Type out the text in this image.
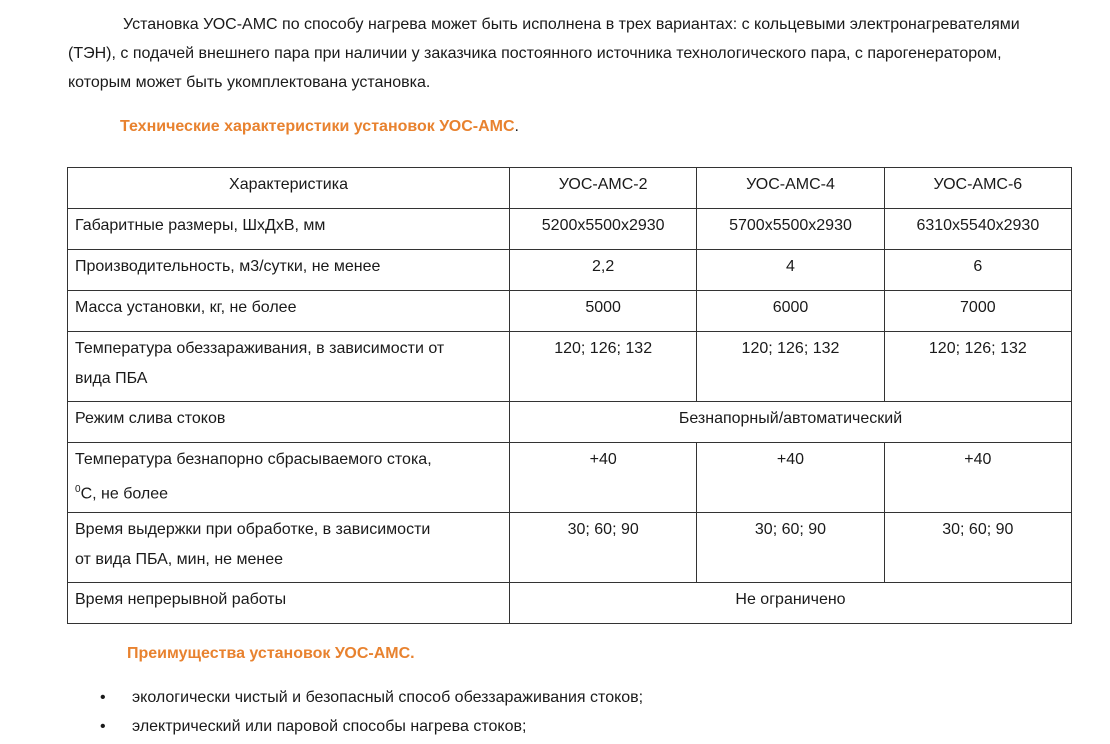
Установка УОС-АМС по способу нагрева может быть исполнена в трех вариантах: с кольцевыми электронагревателями (ТЭН), с подачей внешнего пара при наличии у заказчика постоянного источника технологического пара, с парогенератором, которым может быть укомплектована установка.

Технические характеристики установок УОС-АМС.

Характеристика	УОС-АМС-2	УОС-АМС-4	УОС-АМС-6
Габаритные размеры, ШхДхВ, мм	5200x5500x2930	5700x5500x2930	6310x5540x2930
Производительность, м3/сутки, не менее	2,2	4	6
Масса установки, кг, не более	5000	6000	7000
Температура обеззараживания, в зависимости от
вида ПБА	120; 126; 132	120; 126; 132	120; 126; 132
Режим слива стоков	Безнапорный/автоматический		
Температура безнапорно сбрасываемого стока,
$^0$С, не более	+40	+40	+40
Время выдержки при обработке, в зависимости
от вида ПБА, мин, не менее	30; 60; 90	30; 60; 90	30; 60; 90
Время непрерывной работы	Не ограничено		

Преимущества установок УОС-АМС.

• экологически чистый и безопасный способ обеззараживания стоков;
• электрический или паровой способы нагрева стоков;
